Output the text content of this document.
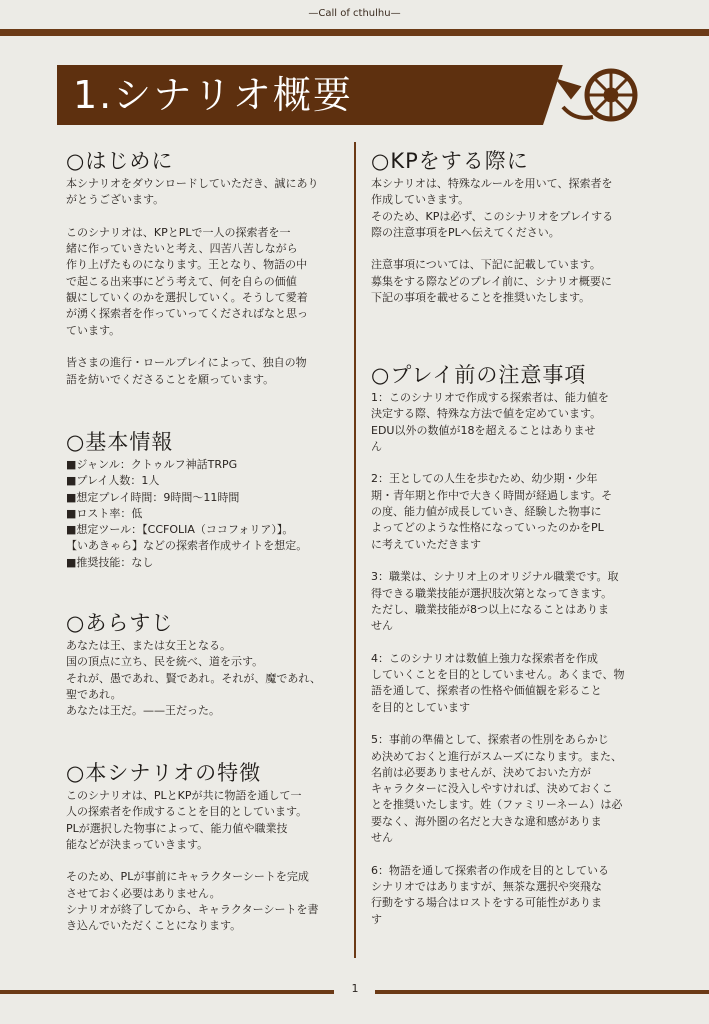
—Call of cthulhu—
1.シナリオ概要
○はじめに

本シナリオをダウンロードしていただき、誠にあり

がとうございます。

このシナリオは、KPとPLで一人の探索者を一

緒に作っていきたいと考え、四苦八苦しながら

作り上げたものになります。王となり、物語の中

で起こる出来事にどう考えて、何を自らの価値

観にしていくのかを選択していく。そうして愛着

が湧く探索者を作っていってくださればなと思っ

ています。

皆さまの進行・ロールプレイによって、独自の物

語を紡いでくださることを願っています。

○基本情報

■ジャンル：クトゥルフ神話TRPG

■プレイ人数：1人

■想定プレイ時間：9時間～11時間

■ロスト率：低

■想定ツール：【CCFOLIA（ココフォリア）】。

【いあきゃら】などの探索者作成サイトを想定。

■推奨技能：なし

○あらすじ

あなたは王、または女王となる。

国の頂点に立ち、民を統べ、道を示す。

それが、愚であれ、賢であれ。それが、魔であれ、

聖であれ。

あなたは王だ。——王だった。

○本シナリオの特徴

このシナリオは、PLとKPが共に物語を通して一

人の探索者を作成することを目的としています。

PLが選択した物事によって、能力値や職業技

能などが決まっていきます。

そのため、PLが事前にキャラクターシートを完成

させておく必要はありません。

シナリオが終了してから、キャラクターシートを書

き込んでいただくことになります。

○KPをする際に

本シナリオは、特殊なルールを用いて、探索者を

作成していきます。

そのため、KPは必ず、このシナリオをプレイする

際の注意事項をPLへ伝えてください。

注意事項については、下記に記載しています。

募集をする際などのプレイ前に、シナリオ概要に

下記の事項を載せることを推奨いたします。

○プレイ前の注意事項

1：このシナリオで作成する探索者は、能力値を

決定する際、特殊な方法で値を定めています。

EDU以外の数値が18を超えることはありませ

ん

2：王としての人生を歩むため、幼少期・少年

期・青年期と作中で大きく時間が経過します。そ

の度、能力値が成長していき、経験した物事に

よってどのような性格になっていったのかをPL

に考えていただきます

3：職業は、シナリオ上のオリジナル職業です。取

得できる職業技能が選択肢次第となってきます。

ただし、職業技能が8つ以上になることはありま

せん

4：このシナリオは数値上強力な探索者を作成

していくことを目的としていません。あくまで、物

語を通して、探索者の性格や価値観を彩ること

を目的としています

5：事前の準備として、探索者の性別をあらかじ

め決めておくと進行がスムーズになります。また、

名前は必要ありませんが、決めておいた方が

キャラクターに没入しやすければ、決めておくこ

とを推奨いたします。姓（ファミリーネーム）は必

要なく、海外圏の名だと大きな違和感がありま

せん

6：物語を通して探索者の作成を目的としている

シナリオではありますが、無茶な選択や突飛な

行動をする場合はロストをする可能性がありま

す

1
